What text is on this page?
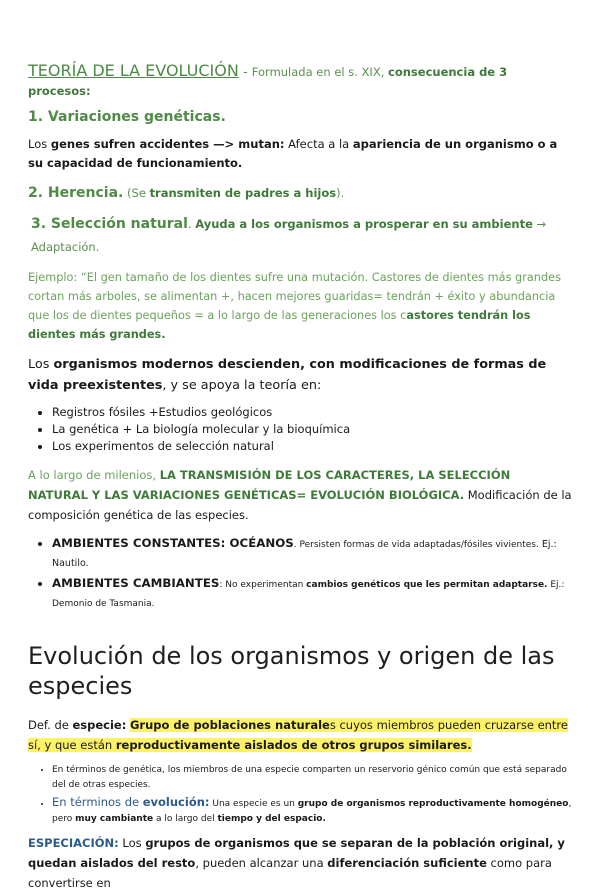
TEORÍA DE LA EVOLUCIÓN - Formulada en el s. XIX, consecuencia de 3 procesos:

1. Variaciones genéticas.

Los genes sufren accidentes —> mutan: Afecta a la apariencia de un organismo o a su capacidad de funcionamiento.

2. Herencia. (Se transmiten de padres a hijos).

3. Selección natural. Ayuda a los organismos a prosperar en su ambiente → Adaptación.

Ejemplo: “El gen tamaño de los dientes sufre una mutación. Castores de dientes más grandes cortan más arboles, se alimentan +, hacen mejores guaridas= tendrán + éxito y abundancia que los de dientes pequeños = a lo largo de las generaciones los castores tendrán los dientes más grandes.

Los organismos modernos descienden, con modificaciones de formas de vida preexistentes, y se apoya la teoría en:

• Registros fósiles +Estudios geológicos
• La genética + La biología molecular y la bioquímica
• Los experimentos de selección natural

A lo largo de milenios, LA TRANSMISIÓN DE LOS CARACTERES, LA SELECCIÓN NATURAL Y LAS VARIACIONES GENÉTICAS= EVOLUCIÓN BIOLÓGICA. Modificación de la composición genética de las especies.

• AMBIENTES CONSTANTES: OCÉANOS. Persisten formas de vida adaptadas/fósiles vivientes. Ej.: Nautilo.
• AMBIENTES CAMBIANTES: No experimentan cambios genéticos que les permitan adaptarse. Ej.: Demonio de Tasmania.
Evolución de los organismos y origen de las especies

Def. de especie: Grupo de poblaciones naturales cuyos miembros pueden cruzarse entre sí, y que están reproductivamente aislados de otros grupos similares.

• En términos de genética, los miembros de una especie comparten un reservorio génico común que está separado del de otras especies.
• En términos de evolución: Una especie es un grupo de organismos reproductivamente homogéneo, pero muy cambiante a lo largo del tiempo y del espacio.

ESPECIACIÓN: Los grupos de organismos que se separan de la población original, y quedan aislados del resto, pueden alcanzar una diferenciación suficiente como para convertirse en
